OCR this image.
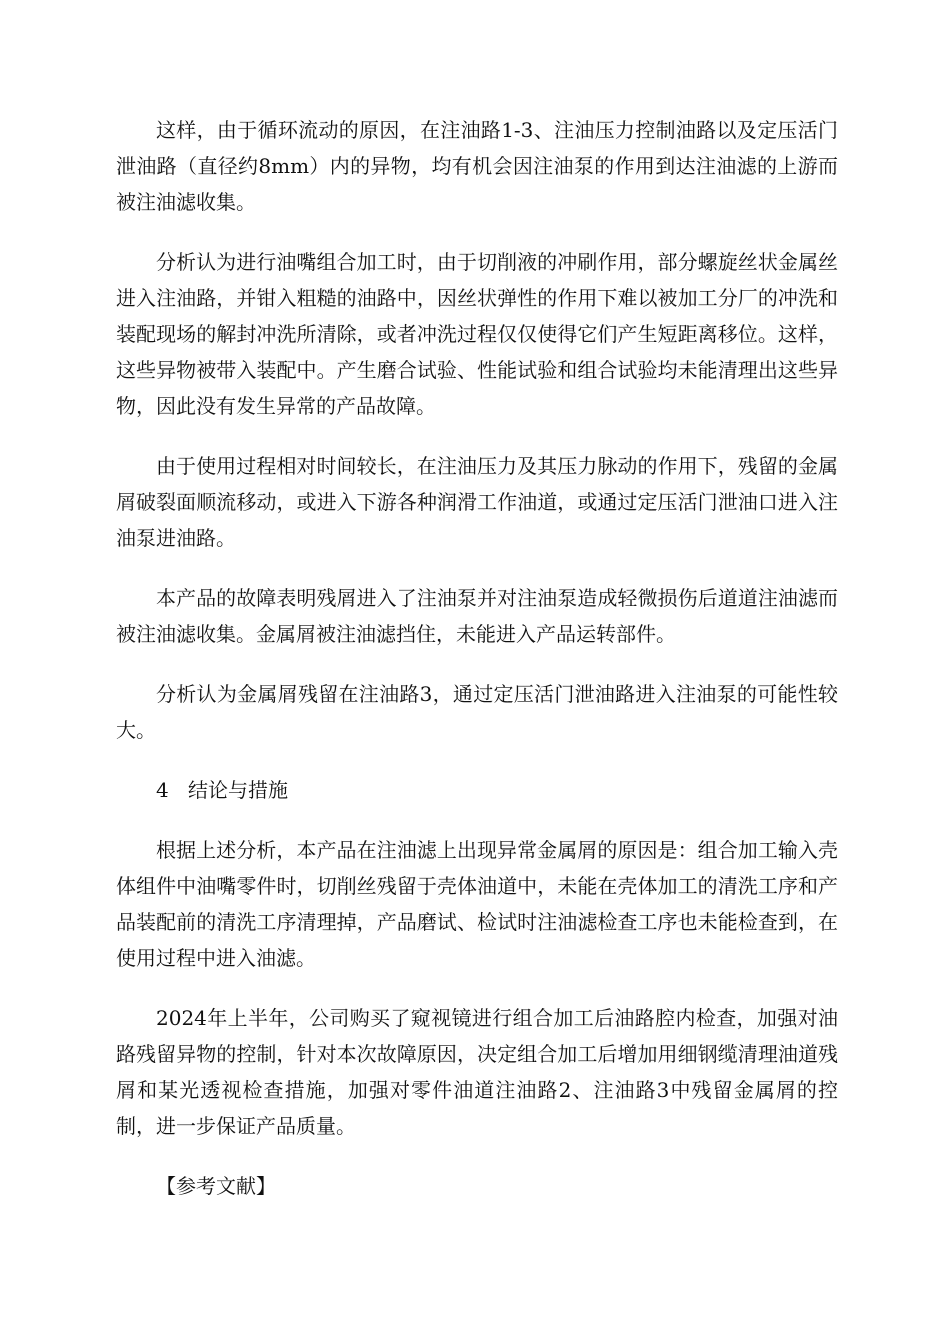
这样，由于循环流动的原因，在注油路1-3、注油压力控制油路以及定压活门泄油路（直径约8mm）内的异物，均有机会因注油泵的作用到达注油滤的上游而被注油滤收集。

分析认为进行油嘴组合加工时，由于切削液的冲刷作用，部分螺旋丝状金属丝进入注油路，并钳入粗糙的油路中，因丝状弹性的作用下难以被加工分厂的冲洗和装配现场的解封冲洗所清除，或者冲洗过程仅仅使得它们产生短距离移位。这样，这些异物被带入装配中。产生磨合试验、性能试验和组合试验均未能清理出这些异物，因此没有发生异常的产品故障。

由于使用过程相对时间较长，在注油压力及其压力脉动的作用下，残留的金属屑破裂面顺流移动，或进入下游各种润滑工作油道，或通过定压活门泄油口进入注油泵进油路。

本产品的故障表明残屑进入了注油泵并对注油泵造成轻微损伤后道道注油滤而被注油滤收集。金属屑被注油滤挡住，未能进入产品运转部件。

分析认为金属屑残留在注油路3，通过定压活门泄油路进入注油泵的可能性较大。

4 结论与措施

根据上述分析，本产品在注油滤上出现异常金属屑的原因是：组合加工输入壳体组件中油嘴零件时，切削丝残留于壳体油道中，未能在壳体加工的清洗工序和产品装配前的清洗工序清理掉，产品磨试、检试时注油滤检查工序也未能检查到，在使用过程中进入油滤。

2024年上半年，公司购买了窥视镜进行组合加工后油路腔内检查，加强对油路残留异物的控制，针对本次故障原因，决定组合加工后增加用细钢缆清理油道残屑和某光透视检查措施，加强对零件油道注油路2、注油路3中残留金属屑的控制，进一步保证产品质量。

【参考文献】
